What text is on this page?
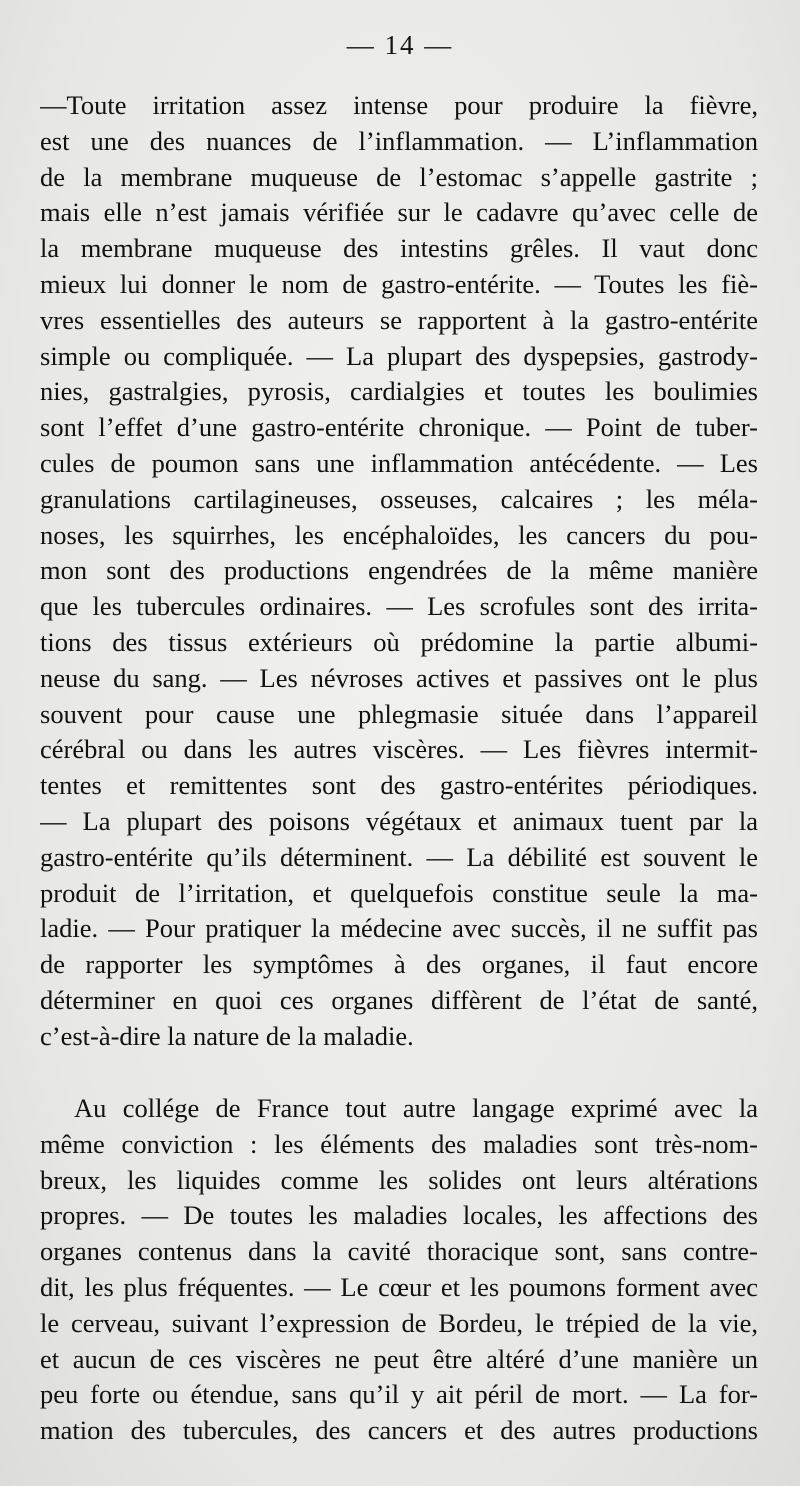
— 14 —

—Toute irritation assez intense pour produire la fièvre,
est une des nuances de l’inflammation. — L’inflammation
de la membrane muqueuse de l’estomac s’appelle gastrite ;
mais elle n’est jamais vérifiée sur le cadavre qu’avec celle de
la membrane muqueuse des intestins grêles. Il vaut donc
mieux lui donner le nom de gastro-entérite. — Toutes les fiè-
vres essentielles des auteurs se rapportent à la gastro-entérite
simple ou compliquée. — La plupart des dyspepsies, gastrody-
nies, gastralgies, pyrosis, cardialgies et toutes les boulimies
sont l’effet d’une gastro-entérite chronique. — Point de tuber-
cules de poumon sans une inflammation antécédente. — Les
granulations cartilagineuses, osseuses, calcaires ; les méla-
noses, les squirrhes, les encéphaloïdes, les cancers du pou-
mon sont des productions engendrées de la même manière
que les tubercules ordinaires. — Les scrofules sont des irrita-
tions des tissus extérieurs où prédomine la partie albumi-
neuse du sang. — Les névroses actives et passives ont le plus
souvent pour cause une phlegmasie située dans l’appareil
cérébral ou dans les autres viscères. — Les fièvres intermit-
tentes et remittentes sont des gastro-entérites périodiques.
— La plupart des poisons végétaux et animaux tuent par la
gastro-entérite qu’ils déterminent. — La débilité est souvent le
produit de l’irritation, et quelquefois constitue seule la ma-
ladie. — Pour pratiquer la médecine avec succès, il ne suffit pas
de rapporter les symptômes à des organes, il faut encore
déterminer en quoi ces organes diffèrent de l’état de santé,
c’est-à-dire la nature de la maladie.
Au collége de France tout autre langage exprimé avec la
même conviction : les éléments des maladies sont très-nom-
breux, les liquides comme les solides ont leurs altérations
propres. — De toutes les maladies locales, les affections des
organes contenus dans la cavité thoracique sont, sans contre-
dit, les plus fréquentes. — Le cœur et les poumons forment avec
le cerveau, suivant l’expression de Bordeu, le trépied de la vie,
et aucun de ces viscères ne peut être altéré d’une manière un
peu forte ou étendue, sans qu’il y ait péril de mort. — La for-
mation des tubercules, des cancers et des autres productions
